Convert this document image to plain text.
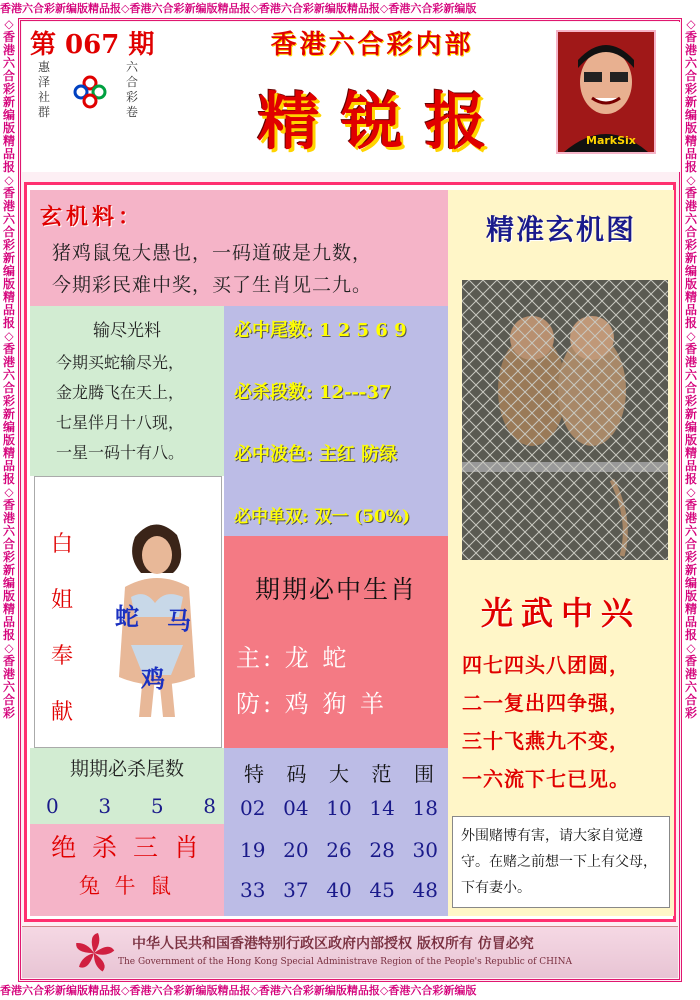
香港六合彩新编版精品报◇香港六合彩新编版精品报◇香港六合彩新编版精品报◇香港六合彩新编版
香港六合彩新编版精品报◇香港六合彩新编版精品报◇香港六合彩新编版精品报◇香港六合彩新编版
◇香港六合彩新编版精品报◇香港六合彩新编版精品报◇香港六合彩新编版精品报◇香港六合彩新编版精品报◇香港六合彩
◇香港六合彩新编版精品报◇香港六合彩新编版精品报◇香港六合彩新编版精品报◇香港六合彩新编版精品报◇香港六合彩
第 067 期
惠泽社群
六合彩卷
香港六合彩内部
精 锐 报	MarkSix
玄机料：
猪鸡鼠兔大愚也，一码道破是九数，
今期彩民难中奖，买了生肖见二九。
输尽光料
今期买蛇输尽光，
金龙腾飞在天上，
七星伴月十八现，
一星一码十有八。
必中尾数: 1 2 5 6 9
必杀段数: 12---37
必中波色: 主红 防绿
必中单双: 双一 (50%)
白
姐
奉
献
蛇 马
鸡
期期必中生肖
主: 龙 蛇
防: 鸡 狗 羊
期期必杀尾数
0 3 5 8
绝 杀 三 肖
兔 牛 鼠
特 码 大 范 围
02 04 10 14 18
19 20 26 28 30
33 37 40 45 48
精准玄机图
光武中兴
四七四头八团圆，
二一复出四争强，
三十飞燕九不变，
一六流下七已见。
外围赌博有害，请大家自觉遵守。在赌之前想一下上有父母，下有妻小。
中华人民共和国香港特别行政区政府内部授权 版权所有 仿冒必究
The Government of the Hong Kong Special Administrave Region of the People's Republic of CHINA
